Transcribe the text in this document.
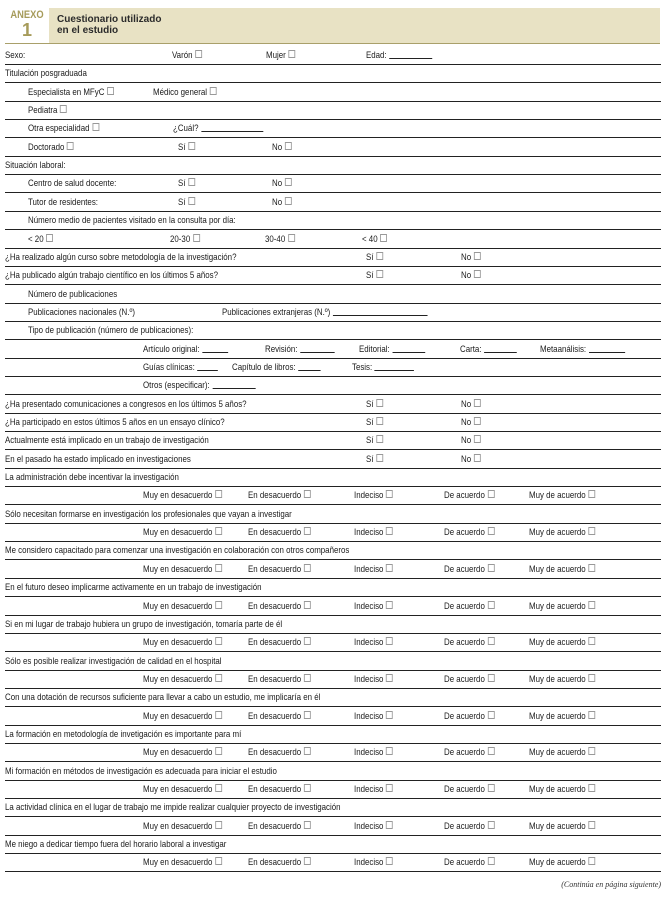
ANEXO
1
Cuestionario utilizado
en el estudio
Sexo:	Varón	Mujer	Edad:
Titulación posgraduada
Especialista en MFyC	Médico general
Pediatra
Otra especialidad	¿Cuál?
Doctorado	Sí	No
Situación laboral:
Centro de salud docente:	Sí	No
Tutor de residentes:	Sí	No
Número medio de pacientes visitado en la consulta por día:
< 20	20-30	30-40	< 40
¿Ha realizado algún curso sobre metodología de la investigación?	Sí	No
¿Ha publicado algún trabajo científico en los últimos 5 años?	Sí	No
Número de publicaciones
Publicaciones nacionales (N.º)	Publicaciones extranjeras (N.º)
Tipo de publicación (número de publicaciones):
Artículo original:	Revisión:	Editorial:	Carta:	Metaanálisis:
Guías clínicas:	Capítulo de libros:	Tesis:
Otros (especificar):
¿Ha presentado comunicaciones a congresos en los últimos 5 años?	Sí	No
¿Ha participado en estos últimos 5 años en un ensayo clínico?	Sí	No
Actualmente está implicado en un trabajo de investigación	Sí	No
En el pasado ha estado implicado en investigaciones	Sí	No
La administración debe incentivar la investigación
Muy en desacuerdo	En desacuerdo	Indeciso	De acuerdo	Muy de acuerdo
Sólo necesitan formarse en investigación los profesionales que vayan a investigar
Muy en desacuerdo	En desacuerdo	Indeciso	De acuerdo	Muy de acuerdo
Me considero capacitado para comenzar una investigación en colaboración con otros compañeros
Muy en desacuerdo	En desacuerdo	Indeciso	De acuerdo	Muy de acuerdo
En el futuro deseo implicarme activamente en un trabajo de investigación
Muy en desacuerdo	En desacuerdo	Indeciso	De acuerdo	Muy de acuerdo
Si en mi lugar de trabajo hubiera un grupo de investigación, tomaría parte de él
Muy en desacuerdo	En desacuerdo	Indeciso	De acuerdo	Muy de acuerdo
Sólo es posible realizar investigación de calidad en el hospital
Muy en desacuerdo	En desacuerdo	Indeciso	De acuerdo	Muy de acuerdo
Con una dotación de recursos suficiente para llevar a cabo un estudio, me implicaría en él
Muy en desacuerdo	En desacuerdo	Indeciso	De acuerdo	Muy de acuerdo
La formación en metodología de invetigación es importante para mí
Muy en desacuerdo	En desacuerdo	Indeciso	De acuerdo	Muy de acuerdo
Mi formación en métodos de investigación es adecuada para iniciar el estudio
Muy en desacuerdo	En desacuerdo	Indeciso	De acuerdo	Muy de acuerdo
La actividad clínica en el lugar de trabajo me impide realizar cualquier proyecto de investigación
Muy en desacuerdo	En desacuerdo	Indeciso	De acuerdo	Muy de acuerdo
Me niego a dedicar tiempo fuera del horario laboral a investigar
Muy en desacuerdo	En desacuerdo	Indeciso	De acuerdo	Muy de acuerdo
(Continúa en página siguiente)
